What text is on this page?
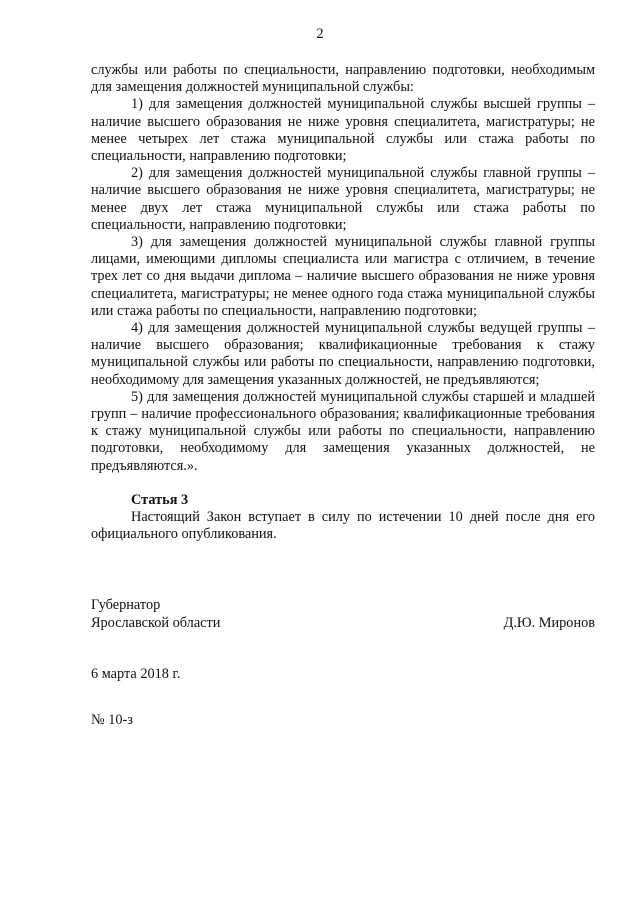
2

службы или работы по специальности, направлению подготовки, необходимым для замещения должностей муниципальной службы:

1) для замещения должностей муниципальной службы высшей группы – наличие высшего образования не ниже уровня специалитета, магистратуры; не менее четырех лет стажа муниципальной службы или стажа работы по специальности, направлению подготовки;

2) для замещения должностей муниципальной службы главной группы – наличие высшего образования не ниже уровня специалитета, магистратуры; не менее двух лет стажа муниципальной службы или стажа работы по специальности, направлению подготовки;

3) для замещения должностей муниципальной службы главной группы лицами, имеющими дипломы специалиста или магистра с отличием, в течение трех лет со дня выдачи диплома – наличие высшего образования не ниже уровня специалитета, магистратуры; не менее одного года стажа муниципальной службы или стажа работы по специальности, направлению подготовки;

4) для замещения должностей муниципальной службы ведущей группы – наличие высшего образования; квалификационные требования к стажу муниципальной службы или работы по специальности, направлению подготовки, необходимому для замещения указанных должностей, не предъявляются;

5) для замещения должностей муниципальной службы старшей и младшей групп – наличие профессионального образования; квалификационные требования к стажу муниципальной службы или работы по специальности, направлению подготовки, необходимому для замещения указанных должностей, не предъявляются.».

Статья 3

Настоящий Закон вступает в силу по истечении 10 дней после дня его официального опубликования.

Губернатор
Ярославской области	Д.Ю. Миронов
6 марта 2018 г.
№ 10-з
